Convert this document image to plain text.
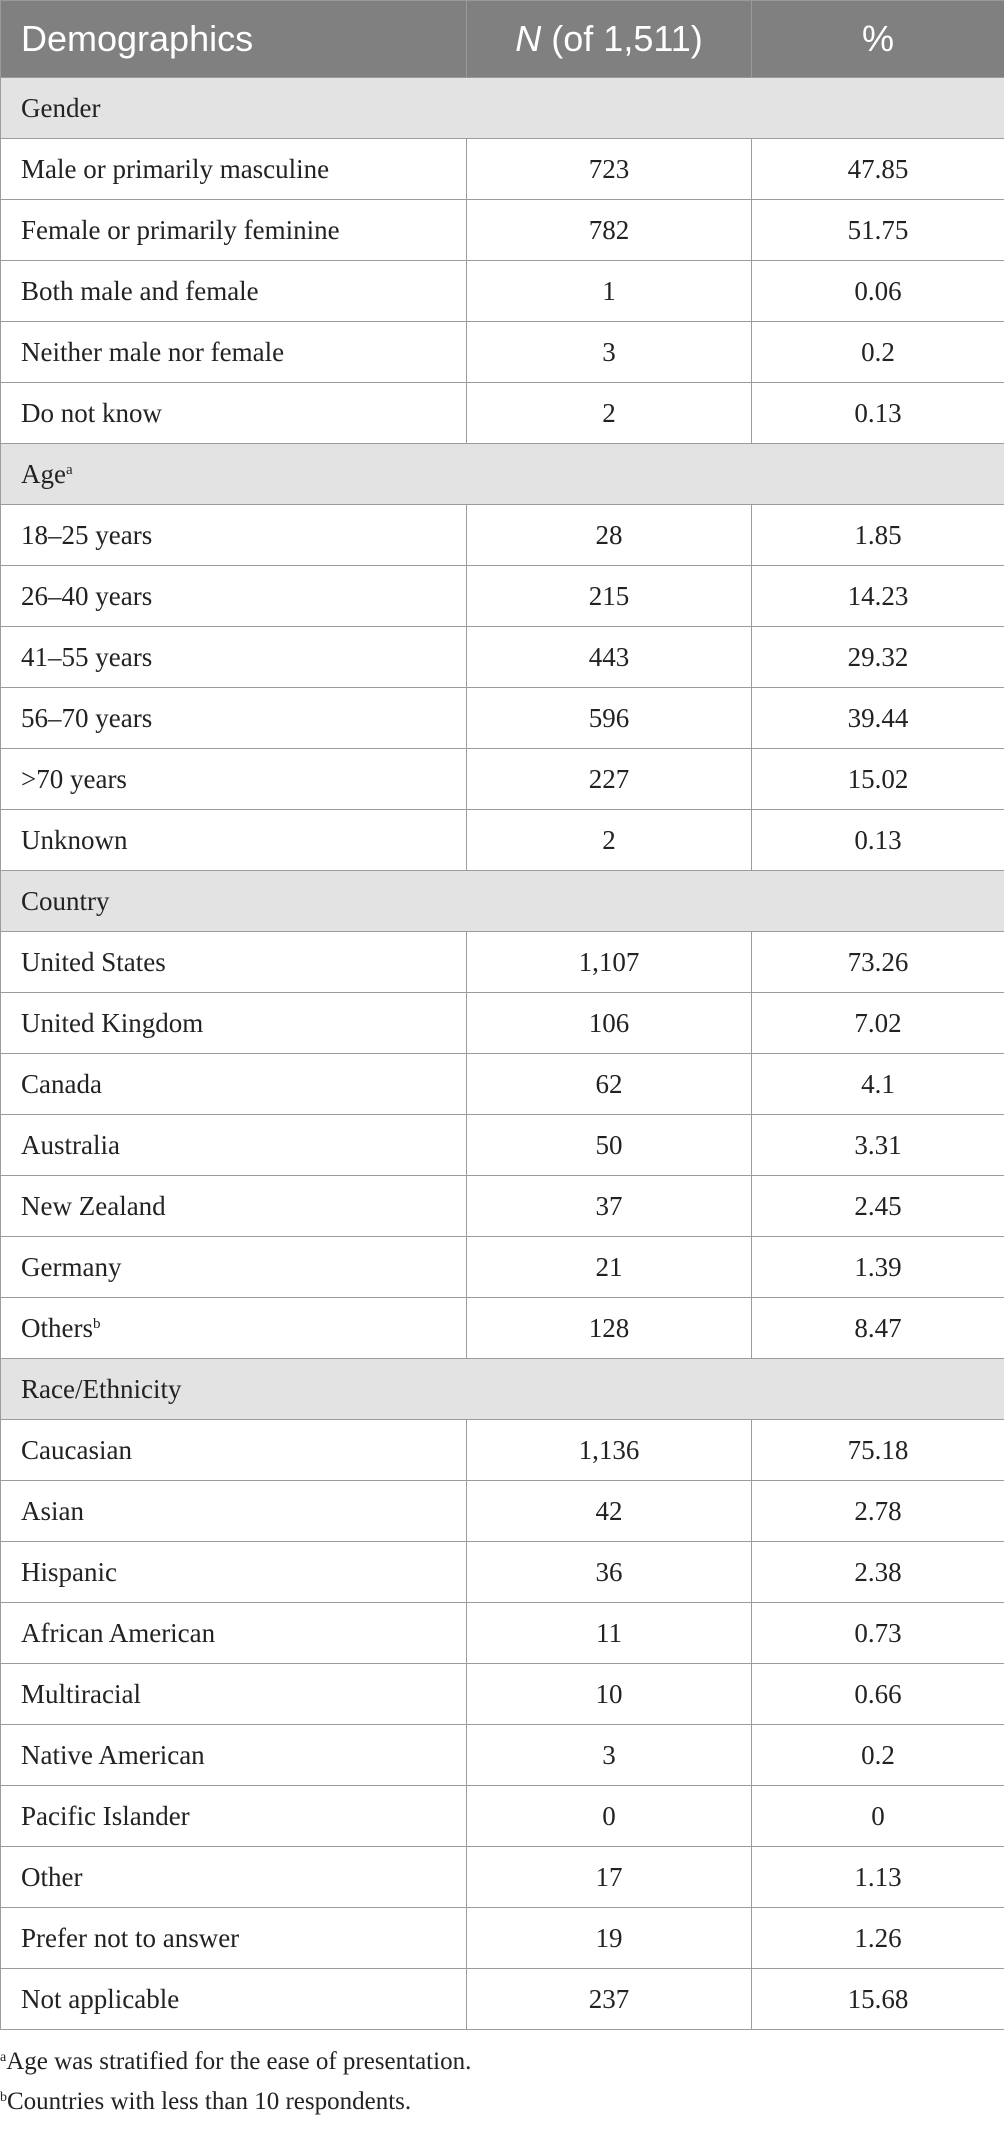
Demographics	N (of 1,511)	%
Gender		
Male or primarily masculine	723	47.85
Female or primarily feminine	782	51.75
Both male and female	1	0.06
Neither male nor female	3	0.2
Do not know	2	0.13
Age$^a$
18–25 years	28	1.85
26–40 years	215	14.23
41–55 years	443	29.32
56–70 years	596	39.44
>70 years	227	15.02
Unknown	2	0.13
Country		
United States	1,107	73.26
United Kingdom	106	7.02
Canada	62	4.1
Australia	50	3.31
New Zealand	37	2.45
Germany	21	1.39
Others$^b$	128	8.47
Race/Ethnicity		
Caucasian	1,136	75.18
Asian	42	2.78
Hispanic	36	2.38
African American	11	0.73
Multiracial	10	0.66
Native American	3	0.2
Pacific Islander	0	0
Other	17	1.13
Prefer not to answer	19	1.26
Not applicable	237	15.68
$^a$Age was stratified for the ease of presentation.
$^b$Countries with less than 10 respondents.
